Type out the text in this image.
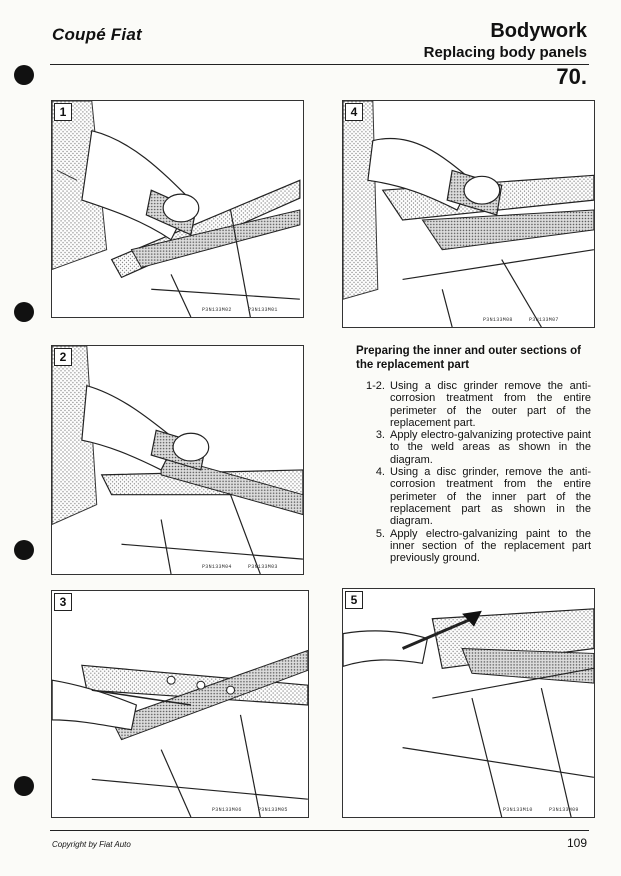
Coupé Fiat	Bodywork
Replacing body panels
70.
1
P3N133M02	P3N133M01
4
P3N133M08	P3N133M07
2
P3N133M04	P3N133M03
3
P3N133M06	P3N133M05
5
P3N133M10	P3N133M09
Preparing the inner and outer sections of the replacement part
1-2. Using a disc grinder remove the anti-corrosion treatment from the entire perimeter of the outer part of the replacement part.
3. Apply electro-galvanizing protective paint to the weld areas as shown in the diagram.
4. Using a disc grinder, remove the anti-corrosion treatment from the entire perimeter of the inner part of the replacement part as shown in the diagram.
5. Apply electro-galvanizing paint to the inner section of the replacement part previously ground.
Copyright by Fiat Auto	109
